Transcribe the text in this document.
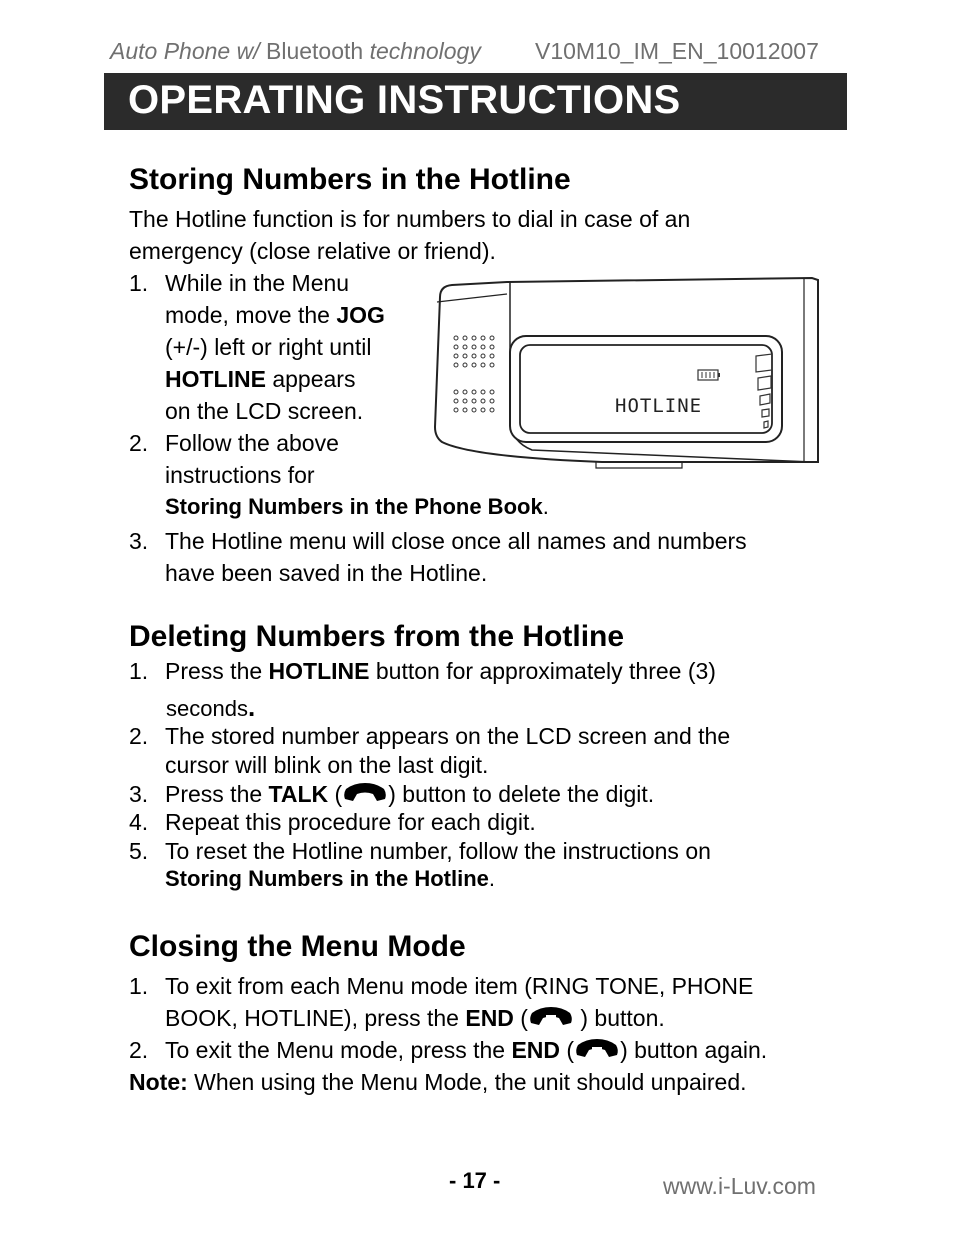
Auto Phone w/ Bluetooth technology V10M10_IM_EN_10012007
OPERATING INSTRUCTIONS
Storing Numbers in the Hotline
The Hotline function is for numbers to dial in case of an
emergency (close relative or friend).
1. While in the Menu
mode, move the JOG
(+/-) left or right until
HOTLINE appears
on the LCD screen.
2. Follow the above
instructions for
Storing Numbers in the Phone Book.
3. The Hotline menu will close once all names and numbers
have been saved in the Hotline.
HOTLINE
Deleting Numbers from the Hotline
1. Press the HOTLINE button for approximately three (3)
seconds.
2. The stored number appears on the LCD screen and the
cursor will blink on the last digit.
3. Press the TALK ( ) button to delete the digit.
4. Repeat this procedure for each digit.
5. To reset the Hotline number, follow the instructions on
Storing Numbers in the Hotline.
Closing the Menu Mode
1. To exit from each Menu mode item (RING TONE, PHONE
BOOK, HOTLINE), press the END ( ) button.
2. To exit the Menu mode, press the END ( ) button again.
Note: When using the Menu Mode, the unit should unpaired.
- 17 -	www.i-Luv.com
